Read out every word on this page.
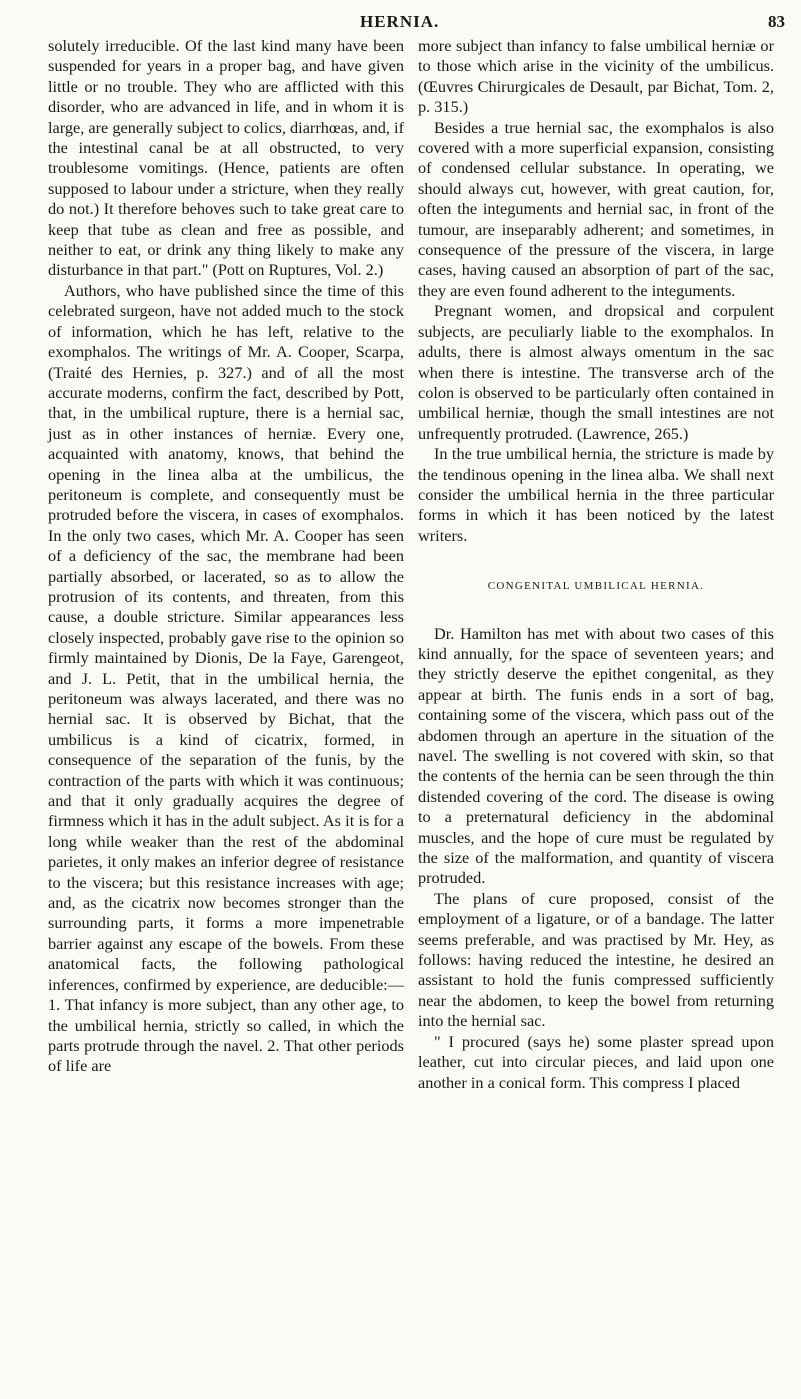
HERNIA.	83

solutely irreducible. Of the last kind many have been suspended for years in a proper bag, and have given little or no trouble. They who are afflicted with this disorder, who are advanced in life, and in whom it is large, are generally subject to colics, diarrhœas, and, if the intestinal canal be at all obstructed, to very troublesome vomitings. (Hence, patients are often supposed to labour under a stricture, when they really do not.) It therefore behoves such to take great care to keep that tube as clean and free as possible, and neither to eat, or drink any thing likely to make any disturbance in that part." (Pott on Ruptures, Vol. 2.)

Authors, who have published since the time of this celebrated surgeon, have not added much to the stock of information, which he has left, relative to the exomphalos. The writings of Mr. A. Cooper, Scarpa, (Traité des Hernies, p. 327.) and of all the most accurate moderns, confirm the fact, described by Pott, that, in the umbilical rupture, there is a hernial sac, just as in other instances of herniæ. Every one, acquainted with anatomy, knows, that behind the opening in the linea alba at the umbilicus, the peritoneum is complete, and consequently must be protruded before the viscera, in cases of exomphalos. In the only two cases, which Mr. A. Cooper has seen of a deficiency of the sac, the membrane had been partially absorbed, or lacerated, so as to allow the protrusion of its contents, and threaten, from this cause, a double stricture. Similar appearances less closely inspected, probably gave rise to the opinion so firmly maintained by Dionis, De la Faye, Garengeot, and J. L. Petit, that in the umbilical hernia, the peritoneum was always lacerated, and there was no hernial sac. It is observed by Bichat, that the umbilicus is a kind of cicatrix, formed, in consequence of the separation of the funis, by the contraction of the parts with which it was continuous; and that it only gradually acquires the degree of firmness which it has in the adult subject. As it is for a long while weaker than the rest of the abdominal parietes, it only makes an inferior degree of resistance to the viscera; but this resistance increases with age; and, as the cicatrix now becomes stronger than the surrounding parts, it forms a more impenetrable barrier against any escape of the bowels. From these anatomical facts, the following pathological inferences, confirmed by experience, are deducible:—1. That infancy is more subject, than any other age, to the umbilical hernia, strictly so called, in which the parts protrude through the navel. 2. That other periods of life are

more subject than infancy to false umbilical herniæ or to those which arise in the vicinity of the umbilicus. (Œuvres Chirurgicales de Desault, par Bichat, Tom. 2, p. 315.)

Besides a true hernial sac, the exomphalos is also covered with a more superficial expansion, consisting of condensed cellular substance. In operating, we should always cut, however, with great caution, for, often the integuments and hernial sac, in front of the tumour, are inseparably adherent; and sometimes, in consequence of the pressure of the viscera, in large cases, having caused an absorption of part of the sac, they are even found adherent to the integuments.

Pregnant women, and dropsical and corpulent subjects, are peculiarly liable to the exomphalos. In adults, there is almost always omentum in the sac when there is intestine. The transverse arch of the colon is observed to be particularly often contained in umbilical herniæ, though the small intestines are not unfrequently protruded. (Lawrence, 265.)

In the true umbilical hernia, the stricture is made by the tendinous opening in the linea alba. We shall next consider the umbilical hernia in the three particular forms in which it has been noticed by the latest writers.

CONGENITAL UMBILICAL HERNIA.

Dr. Hamilton has met with about two cases of this kind annually, for the space of seventeen years; and they strictly deserve the epithet congenital, as they appear at birth. The funis ends in a sort of bag, containing some of the viscera, which pass out of the abdomen through an aperture in the situation of the navel. The swelling is not covered with skin, so that the contents of the hernia can be seen through the thin distended covering of the cord. The disease is owing to a preternatural deficiency in the abdominal muscles, and the hope of cure must be regulated by the size of the malformation, and quantity of viscera protruded.

The plans of cure proposed, consist of the employment of a ligature, or of a bandage. The latter seems preferable, and was practised by Mr. Hey, as follows: having reduced the intestine, he desired an assistant to hold the funis compressed sufficiently near the abdomen, to keep the bowel from returning into the hernial sac.

" I procured (says he) some plaster spread upon leather, cut into circular pieces, and laid upon one another in a conical form. This compress I placed
